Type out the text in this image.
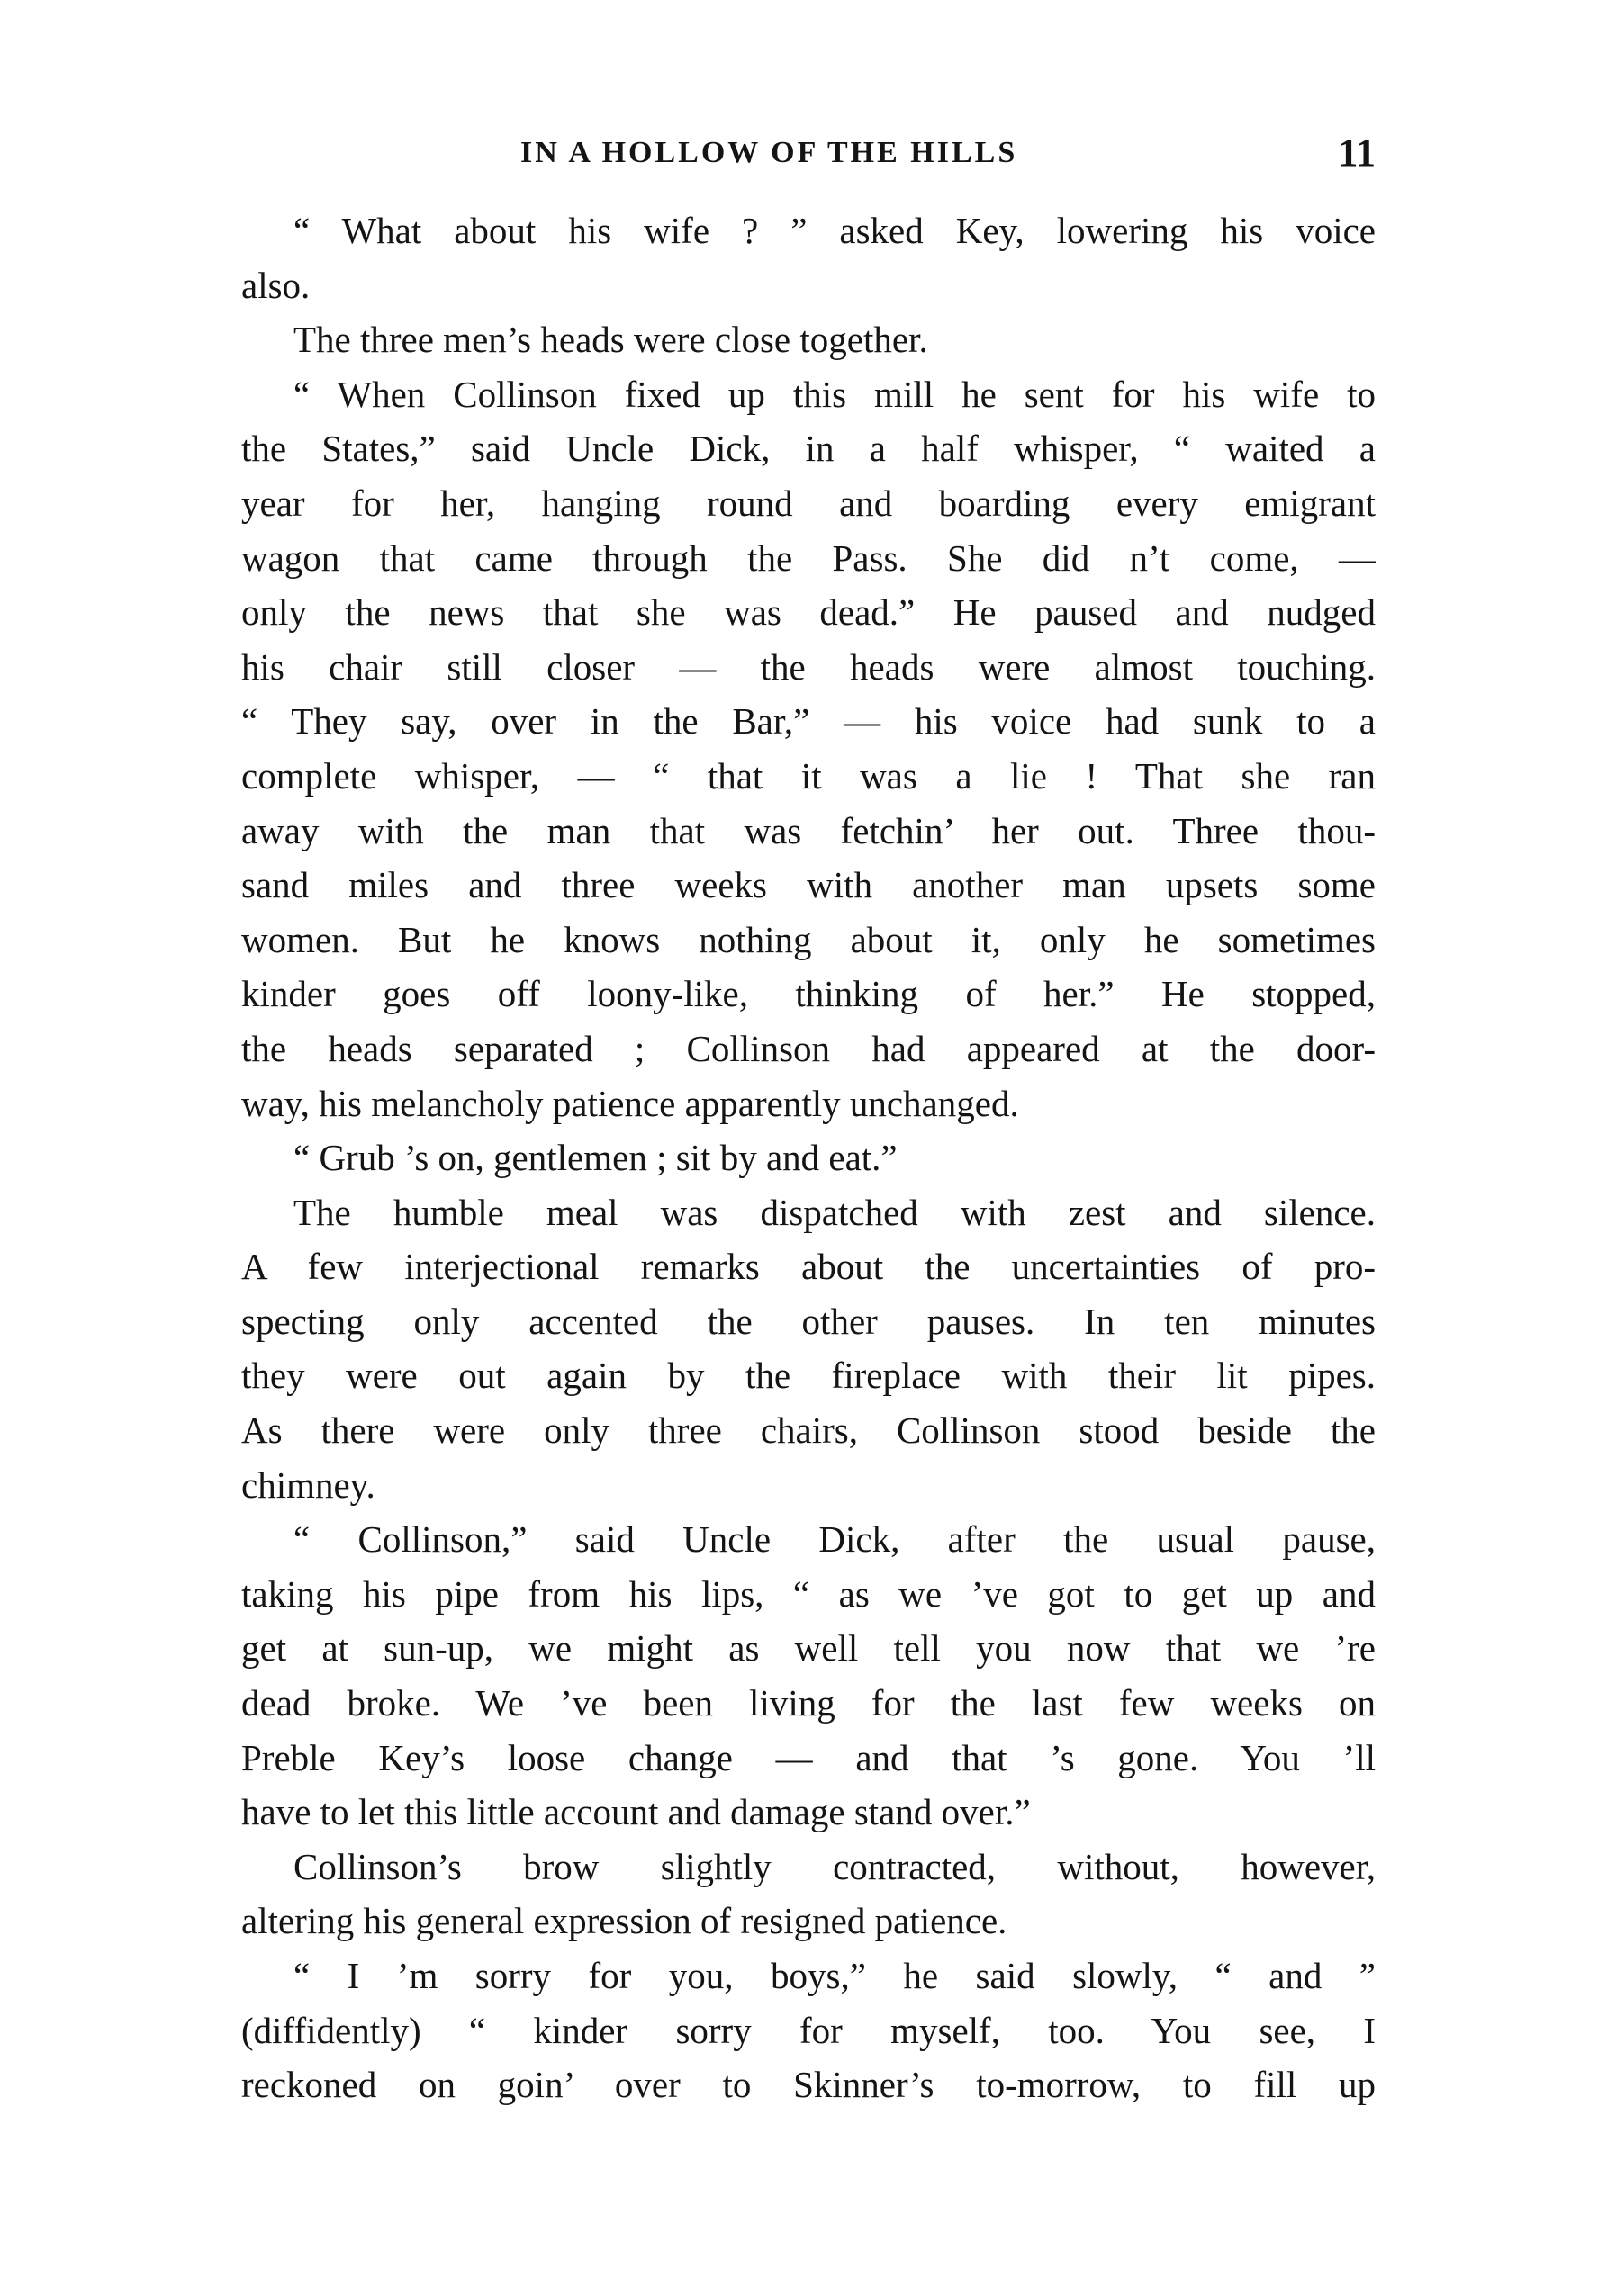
IN A HOLLOW OF THE HILLS	11
“ What about his wife ? ” asked Key, lowering his voice
also.
The three men’s heads were close together.
“ When Collinson fixed up this mill he sent for his wife to
the States,” said Uncle Dick, in a half whisper, “ waited a
year for her, hanging round and boarding every emigrant
wagon that came through the Pass. She did n’t come, —
only the news that she was dead.” He paused and nudged
his chair still closer — the heads were almost touching.
“ They say, over in the Bar,” — his voice had sunk to a
complete whisper, — “ that it was a lie ! That she ran
away with the man that was fetchin’ her out. Three thou-
sand miles and three weeks with another man upsets some
women. But he knows nothing about it, only he sometimes
kinder goes off loony-like, thinking of her.” He stopped,
the heads separated ; Collinson had appeared at the door-
way, his melancholy patience apparently unchanged.
“ Grub ’s on, gentlemen ; sit by and eat.”
The humble meal was dispatched with zest and silence.
A few interjectional remarks about the uncertainties of pro-
specting only accented the other pauses. In ten minutes
they were out again by the fireplace with their lit pipes.
As there were only three chairs, Collinson stood beside the
chimney.
“ Collinson,” said Uncle Dick, after the usual pause,
taking his pipe from his lips, “ as we ’ve got to get up and
get at sun-up, we might as well tell you now that we ’re
dead broke. We ’ve been living for the last few weeks on
Preble Key’s loose change — and that ’s gone. You ’ll
have to let this little account and damage stand over.”
Collinson’s brow slightly contracted, without, however,
altering his general expression of resigned patience.
“ I ’m sorry for you, boys,” he said slowly, “ and ”
(diffidently) “ kinder sorry for myself, too. You see, I
reckoned on goin’ over to Skinner’s to-morrow, to fill up
